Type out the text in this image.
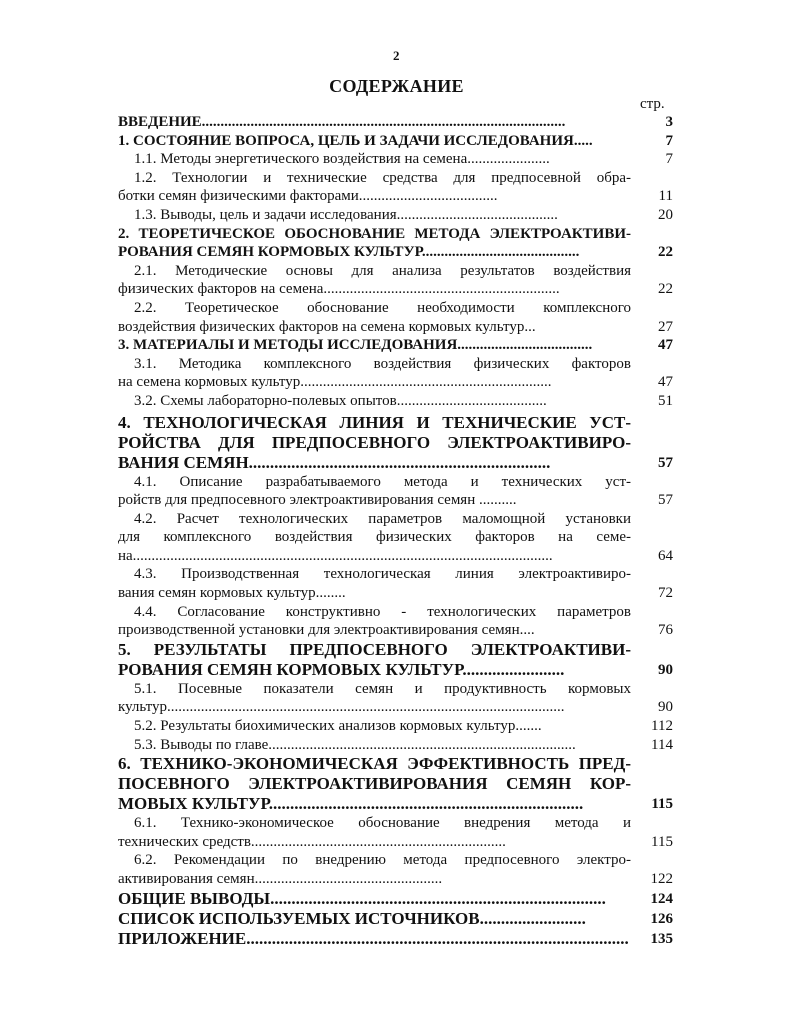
2
СОДЕРЖАНИЕ
стр.
ВВЕДЕНИЕ.................................................................................................	3
1. СОСТОЯНИЕ ВОПРОСА, ЦЕЛЬ И ЗАДАЧИ ИССЛЕДОВАНИЯ.....	7
1.1. Методы энергетического воздействия на семена......................	7
1.2. Технологии и технические средства для предпосевной обра-
ботки семян физическими факторами.....................................	11
1.3. Выводы, цель и задачи исследования...........................................	20
2. ТЕОРЕТИЧЕСКОЕ ОБОСНОВАНИЕ МЕТОДА ЭЛЕКТРОАКТИВИ-
РОВАНИЯ СЕМЯН КОРМОВЫХ КУЛЬТУР..........................................	22
2.1. Методические основы для анализа результатов воздействия
физических факторов на семена...............................................................	22
2.2. Теоретическое обоснование необходимости комплексного
воздействия физических факторов на семена кормовых культур...	27
3. МАТЕРИАЛЫ И МЕТОДЫ ИССЛЕДОВАНИЯ....................................	47
3.1. Методика комплексного воздействия физических факторов
на семена кормовых культур...................................................................	47
3.2. Схемы лабораторно-полевых опытов........................................	51
4. ТЕХНОЛОГИЧЕСКАЯ ЛИНИЯ И ТЕХНИЧЕСКИЕ УСТ-
РОЙСТВА ДЛЯ ПРЕДПОСЕВНОГО ЭЛЕКТРОАКТИВИРО-
ВАНИЯ СЕМЯН.......................................................................	57
4.1. Описание разрабатываемого метода и технических уст-
ройств для предпосевного электроактивирования семян ..........	57
4.2. Расчет технологических параметров маломощной установки
для комплексного воздействия физических факторов на семе-
на................................................................................................................	64
4.3. Производственная технологическая линия электроактивиро-
вания семян кормовых культур........	72
4.4. Согласование конструктивно - технологических параметров
производственной установки для электроактивирования семян....	76
5. РЕЗУЛЬТАТЫ ПРЕДПОСЕВНОГО ЭЛЕКТРОАКТИВИ-
РОВАНИЯ СЕМЯН КОРМОВЫХ КУЛЬТУР........................	90
5.1. Посевные показатели семян и продуктивность кормовых
культур..........................................................................................................	90
5.2. Результаты биохимических анализов кормовых культур.......	112
5.3. Выводы по главе..................................................................................	114
6. ТЕХНИКО-ЭКОНОМИЧЕСКАЯ ЭФФЕКТИВНОСТЬ ПРЕД-
ПОСЕВНОГО ЭЛЕКТРОАКТИВИРОВАНИЯ СЕМЯН КОР-
МОВЫХ КУЛЬТУР..........................................................................	115
6.1. Технико-экономическое обоснование внедрения метода и
технических средств....................................................................	115
6.2. Рекомендации по внедрению метода предпосевного электро-
активирования семян..................................................	122
ОБЩИЕ ВЫВОДЫ...............................................................................	124
СПИСОК ИСПОЛЬЗУЕМЫХ ИСТОЧНИКОВ.........................	126
ПРИЛОЖЕНИЕ..........................................................................................	135
